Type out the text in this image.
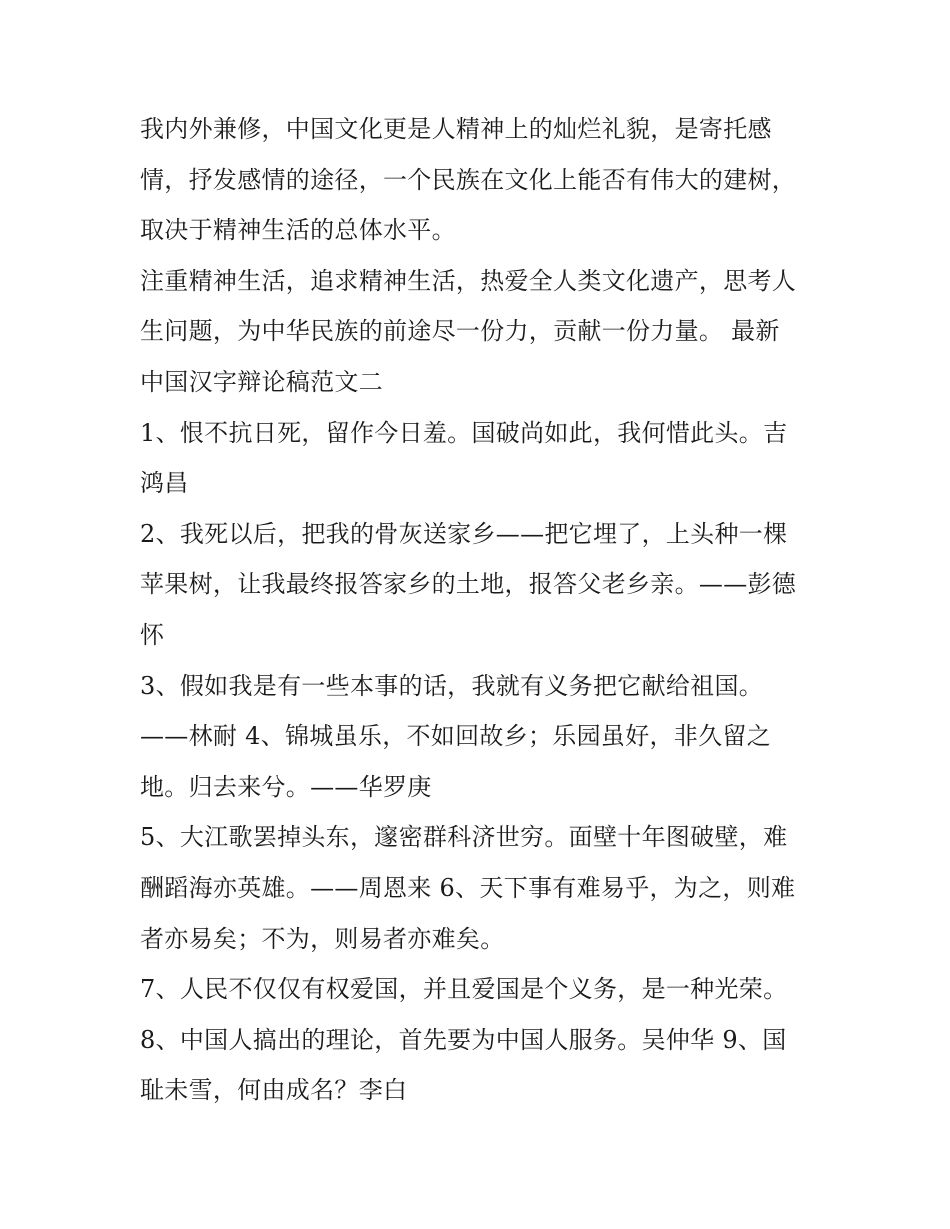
我内外兼修，中国文化更是人精神上的灿烂礼貌，是寄托感
情，抒发感情的途径，一个民族在文化上能否有伟大的建树，
取决于精神生活的总体水平。
注重精神生活，追求精神生活，热爱全人类文化遗产，思考人
生问题，为中华民族的前途尽一份力，贡献一份力量。 最新
中国汉字辩论稿范文二
1、恨不抗日死，留作今日羞。国破尚如此，我何惜此头。吉
鸿昌
2、我死以后，把我的骨灰送家乡——把它埋了，上头种一棵
苹果树，让我最终报答家乡的土地，报答父老乡亲。——彭德
怀
3、假如我是有一些本事的话，我就有义务把它献给祖国。
——林耐 4、锦城虽乐，不如回故乡；乐园虽好，非久留之
地。归去来兮。——华罗庚
5、大江歌罢掉头东，邃密群科济世穷。面壁十年图破壁，难
酬蹈海亦英雄。——周恩来 6、天下事有难易乎，为之，则难
者亦易矣；不为，则易者亦难矣。
7、人民不仅仅有权爱国，并且爱国是个义务，是一种光荣。
8、中国人搞出的理论，首先要为中国人服务。吴仲华 9、国
耻未雪，何由成名？李白
